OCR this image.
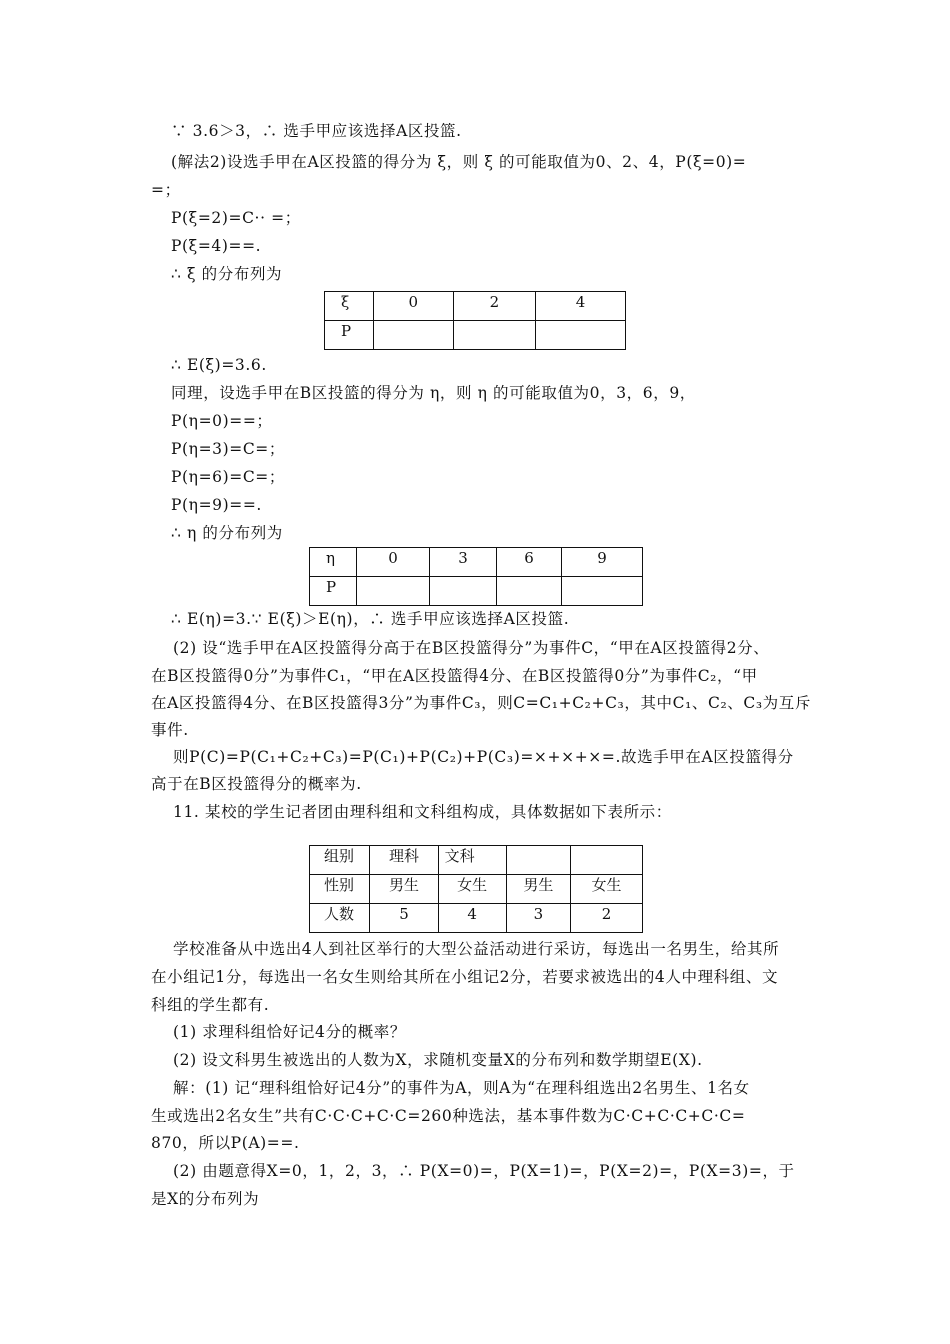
∵ 3.6＞3，∴ 选手甲应该选择A区投篮.
(解法2)设选手甲在A区投篮的得分为 ξ，则 ξ 的可能取值为0、2、4，P(ξ=0)=
=；
P(ξ=2)=C·· =；
P(ξ=4)==.
∴ ξ 的分布列为
ξ	0	2	4
P			
∴ E(ξ)=3.6.
同理，设选手甲在B区投篮的得分为 η，则 η 的可能取值为0，3，6，9，
P(η=0)==；
P(η=3)=C=；
P(η=6)=C=；
P(η=9)==.
∴ η 的分布列为
η	0	3	6	9
P				
∴ E(η)=3.∵ E(ξ)＞E(η)，∴ 选手甲应该选择A区投篮.
(2) 设“选手甲在A区投篮得分高于在B区投篮得分”为事件C，“甲在A区投篮得2分、
在B区投篮得0分”为事件C₁，“甲在A区投篮得4分、在B区投篮得0分”为事件C₂，“甲
在A区投篮得4分、在B区投篮得3分”为事件C₃，则C=C₁+C₂+C₃，其中C₁、C₂、C₃为互斥
事件.
则P(C)=P(C₁+C₂+C₃)=P(C₁)+P(C₂)+P(C₃)=×+×+×=.故选手甲在A区投篮得分
高于在B区投篮得分的概率为.
11. 某校的学生记者团由理科组和文科组构成，具体数据如下表所示：
组别	理科	文科		
性别	男生	女生	男生	女生
人数	5	4	3	2
学校准备从中选出4人到社区举行的大型公益活动进行采访，每选出一名男生，给其所
在小组记1分，每选出一名女生则给其所在小组记2分，若要求被选出的4人中理科组、文
科组的学生都有.
(1) 求理科组恰好记4分的概率？
(2) 设文科男生被选出的人数为X，求随机变量X的分布列和数学期望E(X).
解：(1) 记“理科组恰好记4分”的事件为A，则A为“在理科组选出2名男生、1名女
生或选出2名女生”共有C·C·C+C·C=260种选法，基本事件数为C·C+C·C+C·C=
870，所以P(A)==.
(2) 由题意得X=0，1，2，3，∴ P(X=0)=，P(X=1)=，P(X=2)=，P(X=3)=，于
是X的分布列为
